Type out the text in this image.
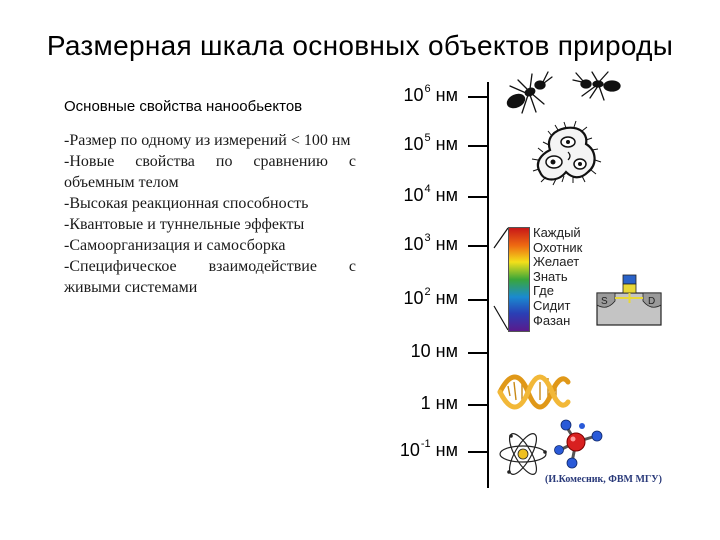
Размерная шкала основных объектов природы
Основные свойства нанообьектов
-Размер по одному из измерений < 100 нм
-Новые свойства по сравнению с объемным телом
-Высокая реакционная способность
-Квантовые и туннельные эффекты
-Самоорганизация и самосборка
-Специфическое взаимодействие с живыми системами
$10^6$ нм
$10^5$ нм
$10^4$ нм
$10^3$ нм
$10^2$ нм
10 нм
1 нм
$10^{-1}$ нм
Каждый
Охотник
Желает
Знать
Где
Сидит
Фазан
S	D
(И.Комесник, ФВМ МГУ)
